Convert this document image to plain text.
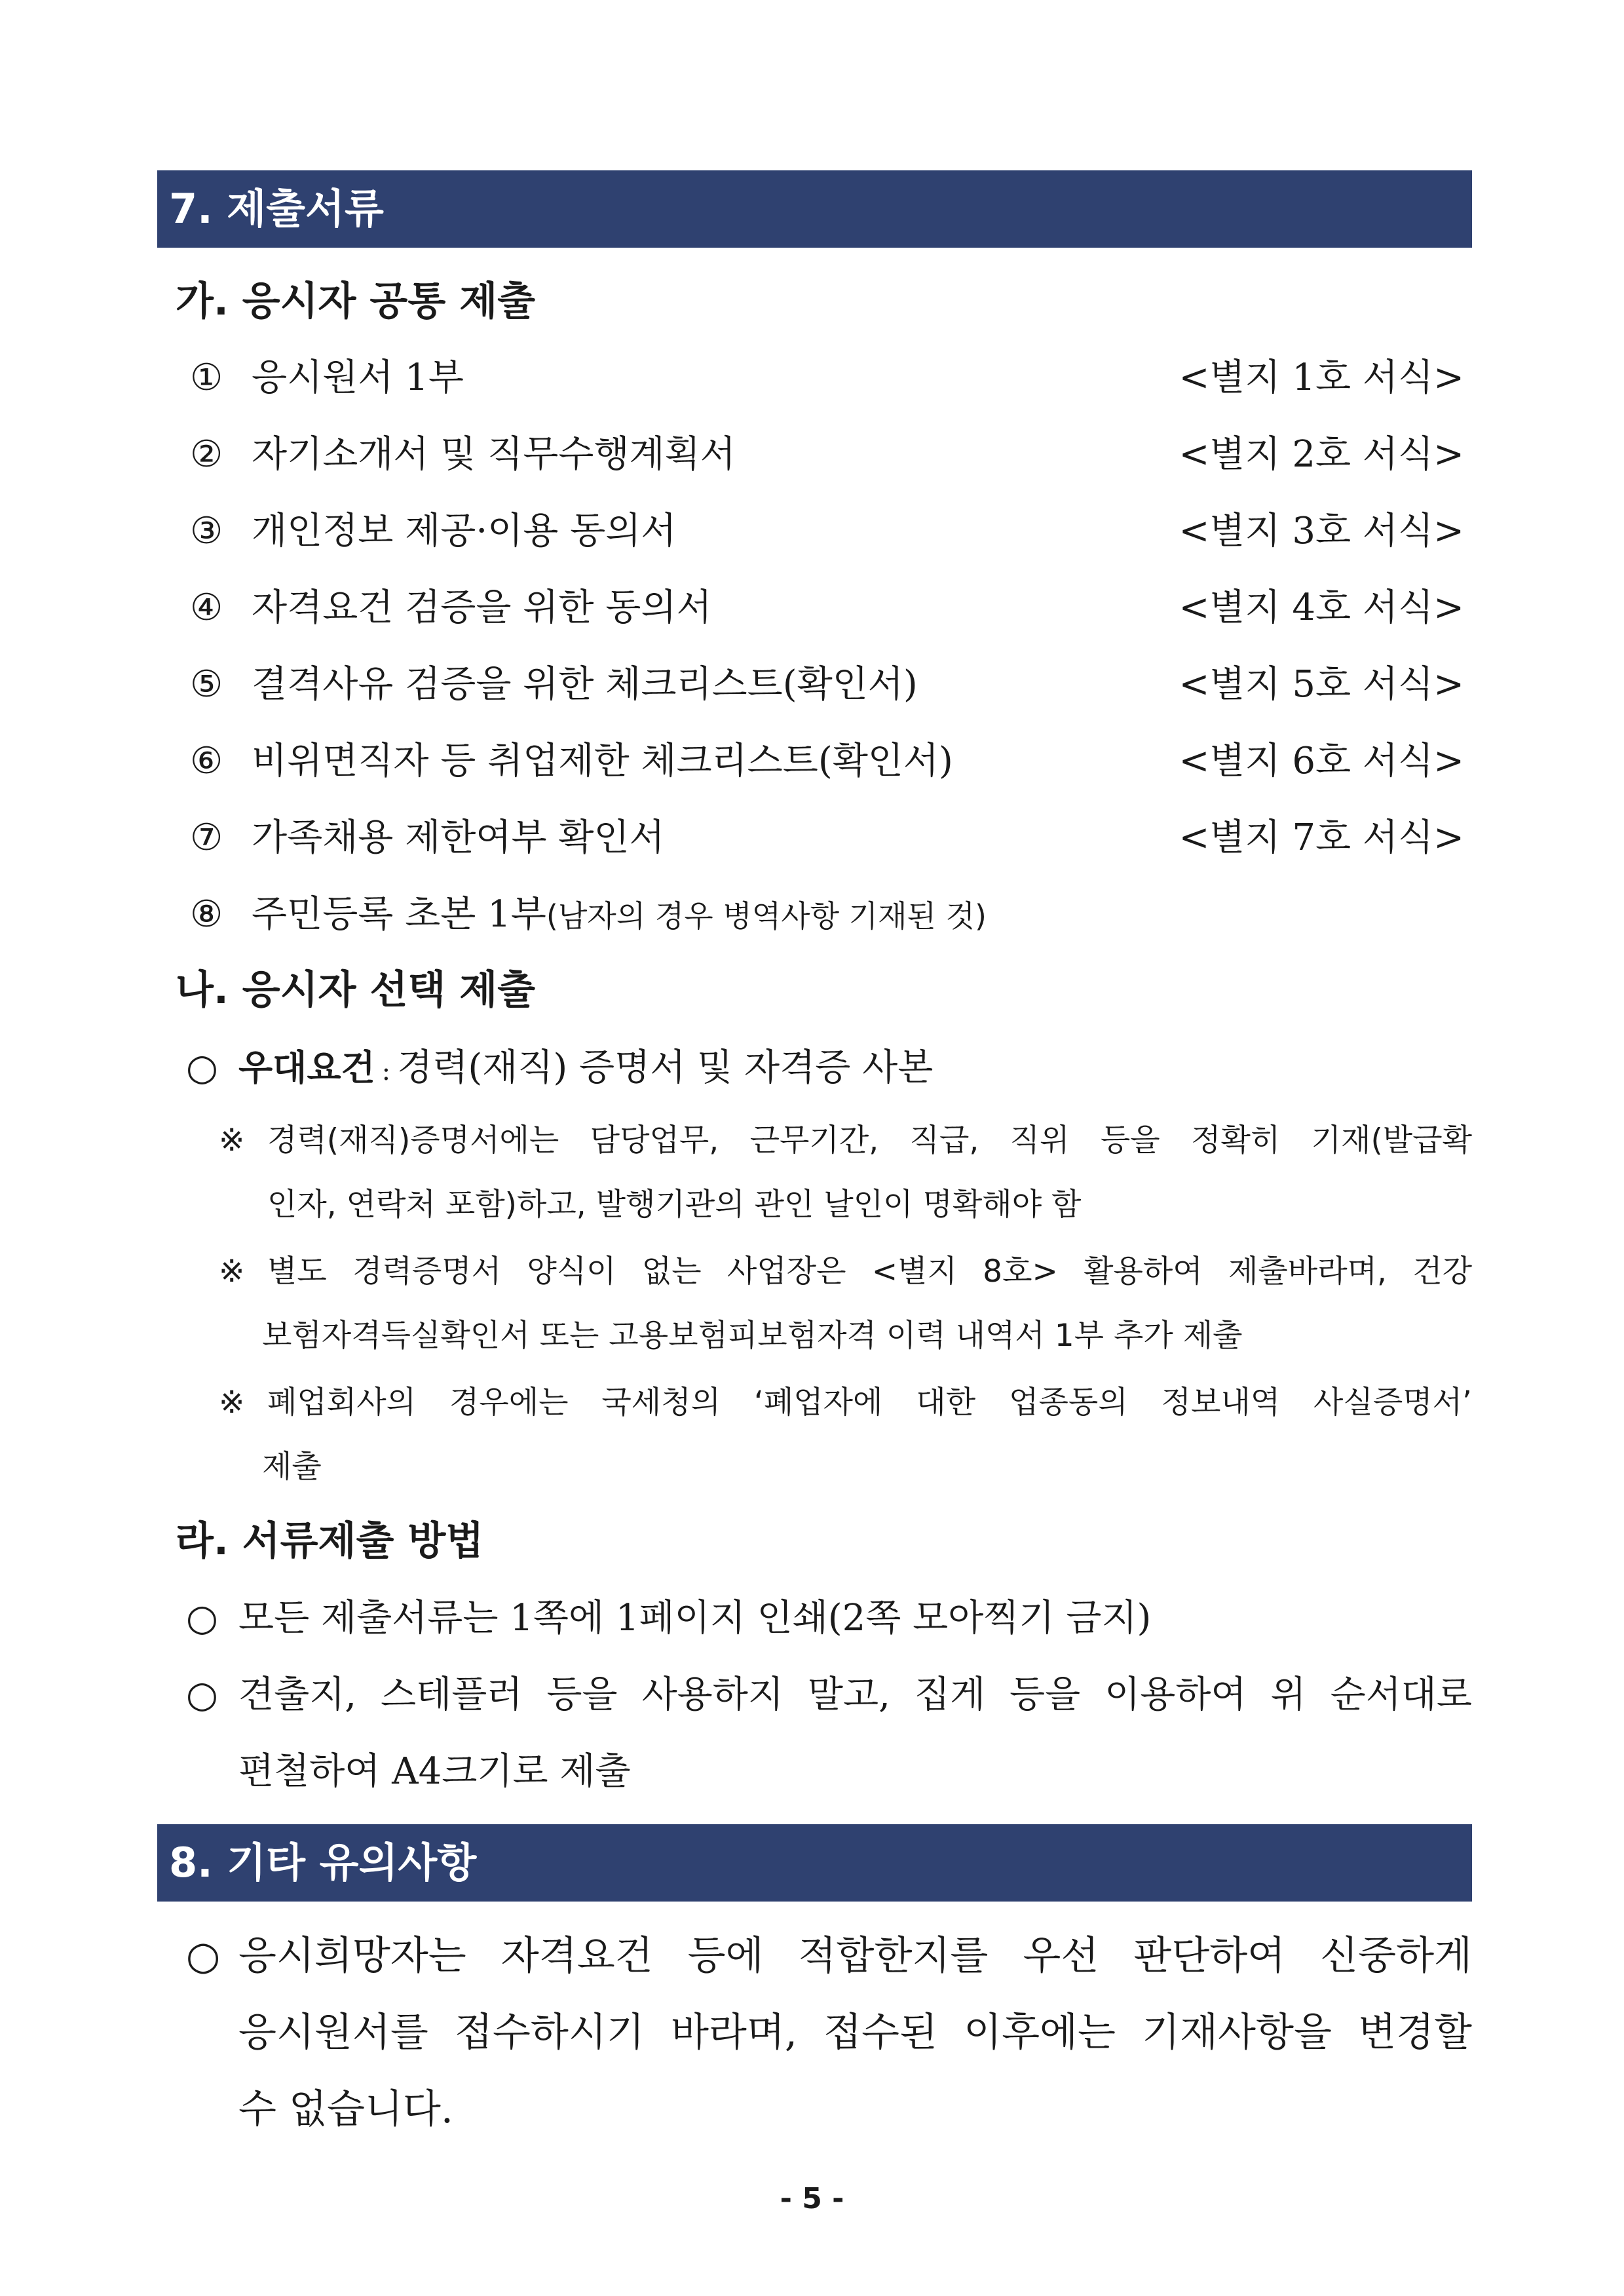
7. 제출서류
가. 응시자 공통 제출
① 응시원서 1부	<별지 1호 서식>
② 자기소개서 및 직무수행계획서	<별지 2호 서식>
③ 개인정보 제공·이용 동의서	<별지 3호 서식>
④ 자격요건 검증을 위한 동의서	<별지 4호 서식>
⑤ 결격사유 검증을 위한 체크리스트(확인서)	<별지 5호 서식>
⑥ 비위면직자 등 취업제한 체크리스트(확인서)	<별지 6호 서식>
⑦ 가족채용 제한여부 확인서	<별지 7호 서식>
⑧ 주민등록 초본 1부(남자의 경우 병역사항 기재된 것)
나. 응시자 선택 제출
○ 우대요건 : 경력(재직) 증명서 및 자격증 사본
※ 경력(재직)증명서에는 담당업무, 근무기간, 직급, 직위 등을 정확히 기재(발급확
인자, 연락처 포함)하고, 발행기관의 관인 날인이 명확해야 함
※ 별도 경력증명서 양식이 없는 사업장은 <별지 8호> 활용하여 제출바라며, 건강
보험자격득실확인서 또는 고용보험피보험자격 이력 내역서 1부 추가 제출
※ 폐업회사의 경우에는 국세청의 ‘폐업자에 대한 업종동의 정보내역 사실증명서’
제출
라. 서류제출 방법
○ 모든 제출서류는 1쪽에 1페이지 인쇄(2쪽 모아찍기 금지)
○ 견출지, 스테플러 등을 사용하지 말고, 집게 등을 이용하여 위 순서대로
편철하여 A4크기로 제출
8. 기타 유의사항
○ 응시희망자는 자격요건 등에 적합한지를 우선 판단하여 신중하게
응시원서를 접수하시기 바라며, 접수된 이후에는 기재사항을 변경할
수 없습니다.
- 5 -
